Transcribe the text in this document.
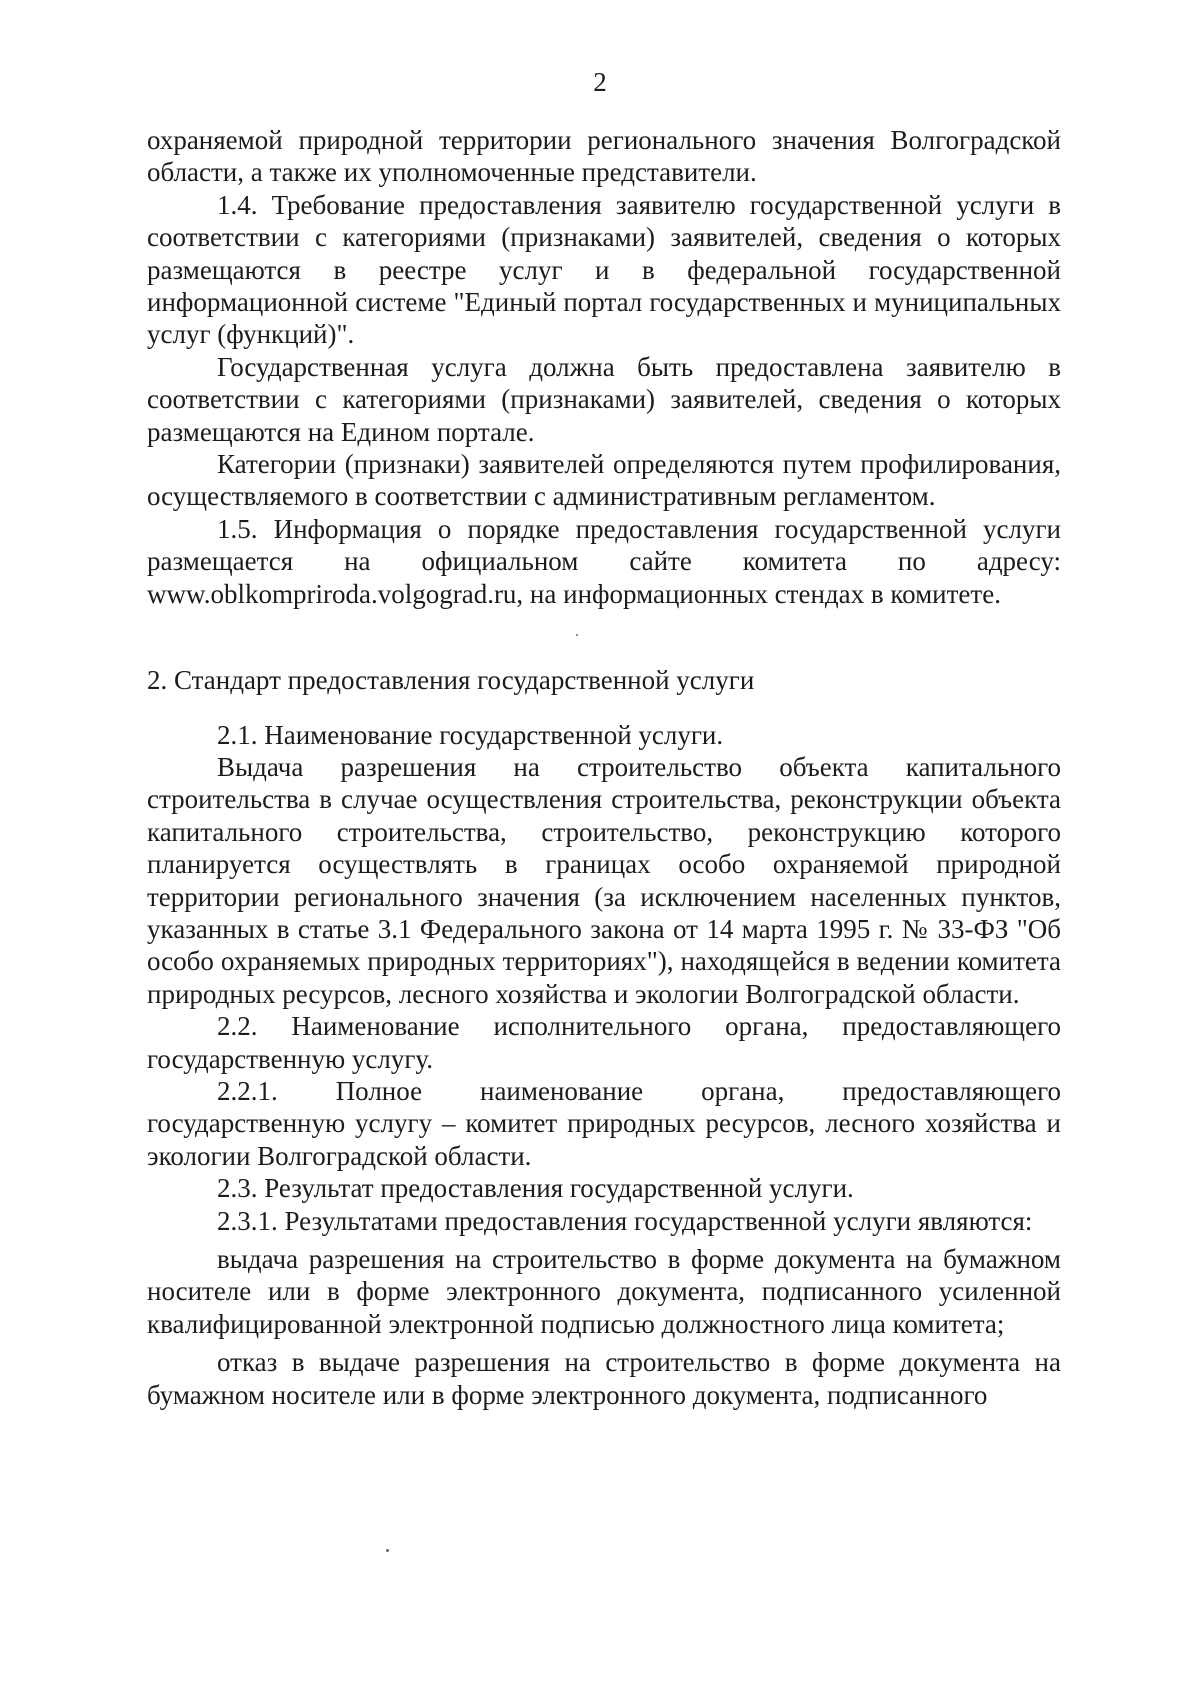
2

охраняемой природной территории регионального значения Волгоградской области, а также их уполномоченные представители.

1.4. Требование предоставления заявителю государственной услуги в соответствии с категориями (признаками) заявителей, сведения о которых размещаются в реестре услуг и в федеральной государственной информационной системе "Единый портал государственных и муниципальных услуг (функций)".

Государственная услуга должна быть предоставлена заявителю в соответствии с категориями (признаками) заявителей, сведения о которых размещаются на Едином портале.

Категории (признаки) заявителей определяются путем профилирования, осуществляемого в соответствии с административным регламентом.

1.5. Информация о порядке предоставления государственной услуги размещается на официальном сайте комитета по адресу: www.oblkompriroda.volgograd.ru, на информационных стендах в комитете.

2. Стандарт предоставления государственной услуги

2.1. Наименование государственной услуги.

Выдача разрешения на строительство объекта капитального строительства в случае осуществления строительства, реконструкции объекта капитального строительства, строительство, реконструкцию которого планируется осуществлять в границах особо охраняемой природной территории регионального значения (за исключением населенных пунктов, указанных в статье 3.1 Федерального закона от 14 марта 1995 г. № 33-ФЗ "Об особо охраняемых природных территориях"), находящейся в ведении комитета природных ресурсов, лесного хозяйства и экологии Волгоградской области.

2.2. Наименование исполнительного органа, предоставляющего государственную услугу.

2.2.1. Полное наименование органа, предоставляющего государственную услугу – комитет природных ресурсов, лесного хозяйства и экологии Волгоградской области.

2.3. Результат предоставления государственной услуги.

2.3.1. Результатами предоставления государственной услуги являются:

выдача разрешения на строительство в форме документа на бумажном носителе или в форме электронного документа, подписанного усиленной квалифицированной электронной подписью должностного лица комитета;

отказ в выдаче разрешения на строительство в форме документа на бумажном носителе или в форме электронного документа, подписанного
